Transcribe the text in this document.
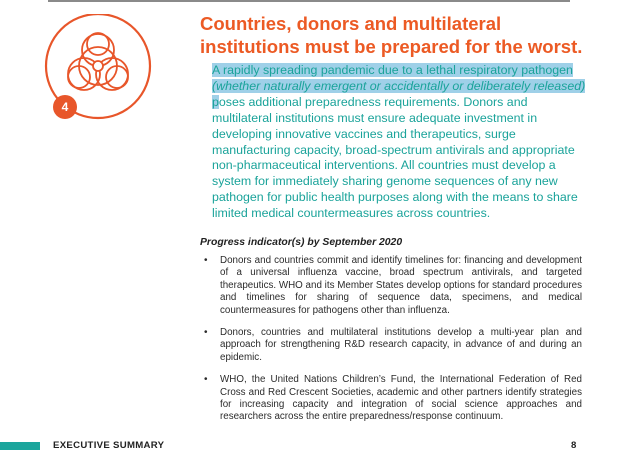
4
Countries, donors and multilateral institutions must be prepared for the worst.

A rapidly spreading pandemic due to a lethal respiratory pathogen (whether naturally emergent or accidentally or deliberately released) poses additional preparedness requirements. Donors and multilateral institutions must ensure adequate investment in developing innovative vaccines and therapeutics, surge manufacturing capacity, broad-spectrum antivirals and appropriate non-pharmaceutical interventions. All countries must develop a system for immediately sharing genome sequences of any new pathogen for public health purposes along with the means to share limited medical countermeasures across countries.

Progress indicator(s) by September 2020

• Donors and countries commit and identify timelines for: financing and development of a universal influenza vaccine, broad spectrum antivirals, and targeted therapeutics. WHO and its Member States develop options for standard procedures and timelines for sharing of sequence data, specimens, and medical countermeasures for pathogens other than influenza.
• Donors, countries and multilateral institutions develop a multi-year plan and approach for strengthening R&D research capacity, in advance of and during an epidemic.
• WHO, the United Nations Children’s Fund, the International Federation of Red Cross and Red Crescent Societies, academic and other partners identify strategies for increasing capacity and integration of social science approaches and researchers across the entire preparedness/response continuum.

EXECUTIVE SUMMARY	8
